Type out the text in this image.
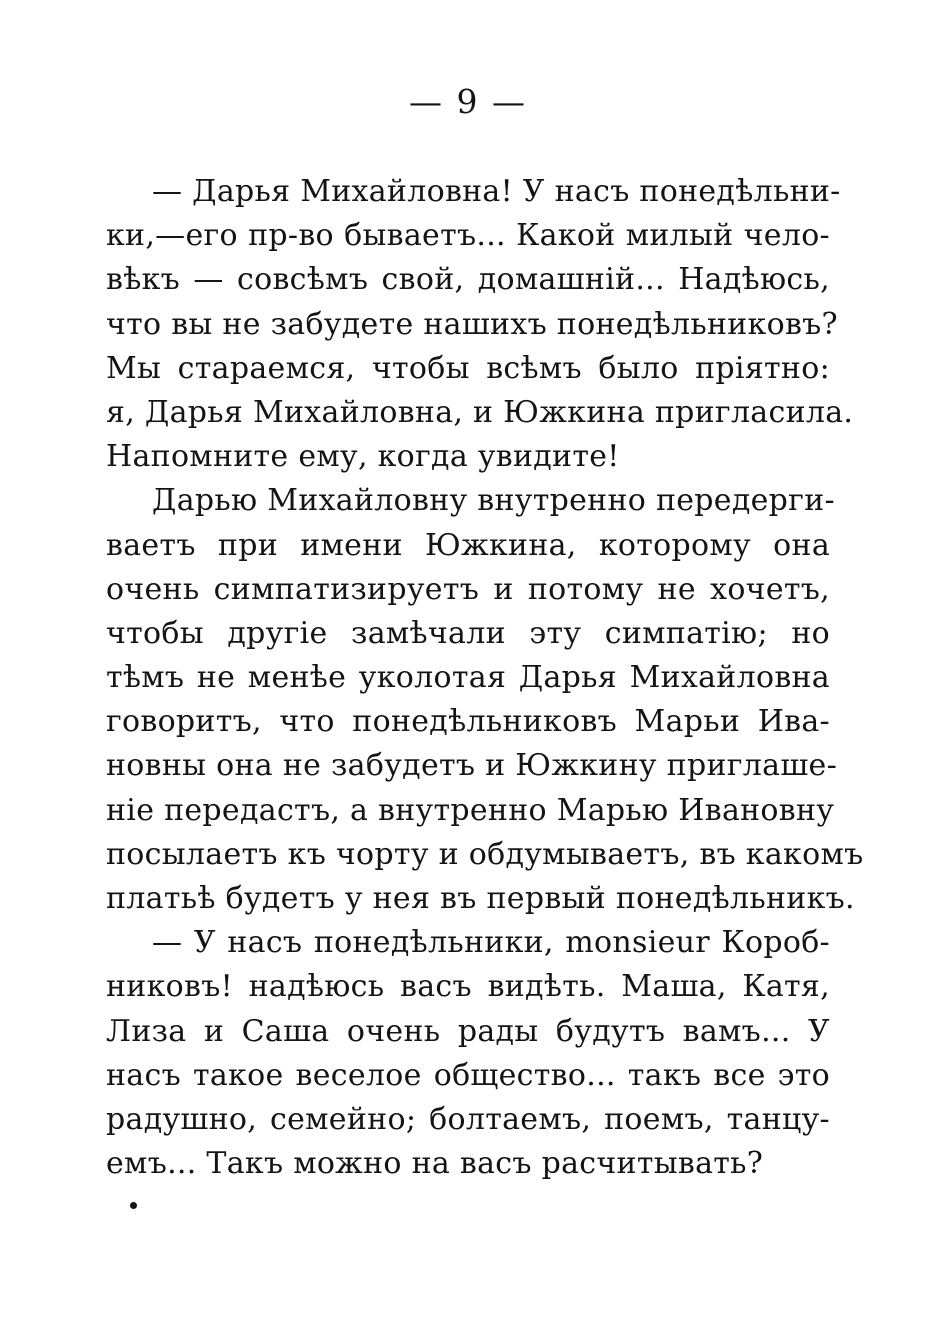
— 9 —
— Дарья Михайловна! У насъ понедѣльни-
ки,—его пр-во бываетъ... Какой милый чело-
вѣкъ — совсѣмъ свой, домашній... Надѣюсь,
что вы не забудете нашихъ понедѣльниковъ?
Мы стараемся, чтобы всѣмъ было пріятно:
я, Дарья Михайловна, и Южкина пригласила.
Напомните ему, когда увидите!
Дарью Михайловну внутренно передерги-
ваетъ при имени Южкина, которому она
очень симпатизируетъ и потому не хочетъ,
чтобы другіе замѣчали эту симпатію; но
тѣмъ не менѣе уколотая Дарья Михайловна
говоритъ, что понедѣльниковъ Марьи Ива-
новны она не забудетъ и Южкину приглаше-
ніе передастъ, а внутренно Марью Ивановну
посылаетъ къ чорту и обдумываетъ, въ какомъ
платьѣ будетъ у нея въ первый понедѣльникъ.
— У насъ понедѣльники, monsieur Короб-
никовъ! надѣюсь васъ видѣть. Маша, Катя,
Лиза и Саша очень рады будутъ вамъ... У
насъ такое веселое общество... такъ все это
радушно, семейно; болтаемъ, поемъ, танцу-
емъ... Такъ можно на васъ расчитывать?
